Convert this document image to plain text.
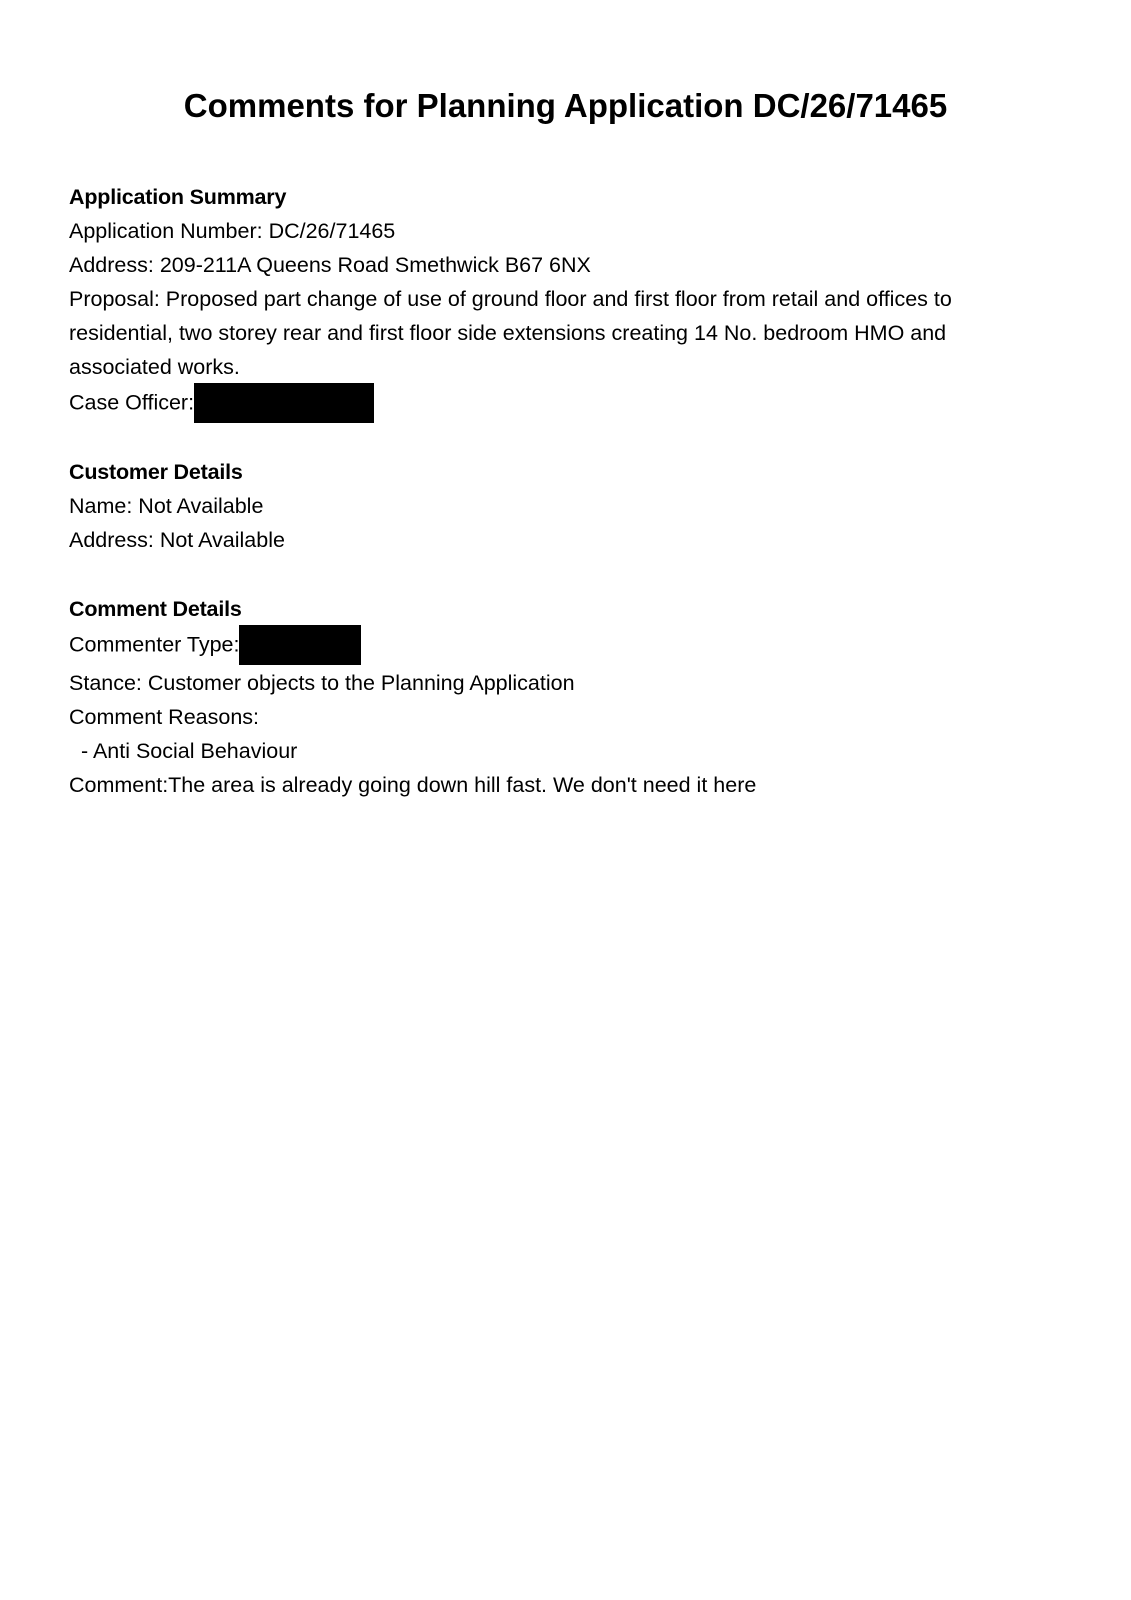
Comments for Planning Application DC/26/71465

Application Summary

Application Number: DC/26/71465

Address: 209-211A Queens Road Smethwick B67 6NX

Proposal: Proposed part change of use of ground floor and first floor from retail and offices to residential, two storey rear and first floor side extensions creating 14 No. bedroom HMO and associated works.

Case Officer:

Customer Details

Name: Not Available

Address: Not Available

Comment Details

Commenter Type:

Stance: Customer objects to the Planning Application

Comment Reasons:

- Anti Social Behaviour

Comment:The area is already going down hill fast. We don't need it here
